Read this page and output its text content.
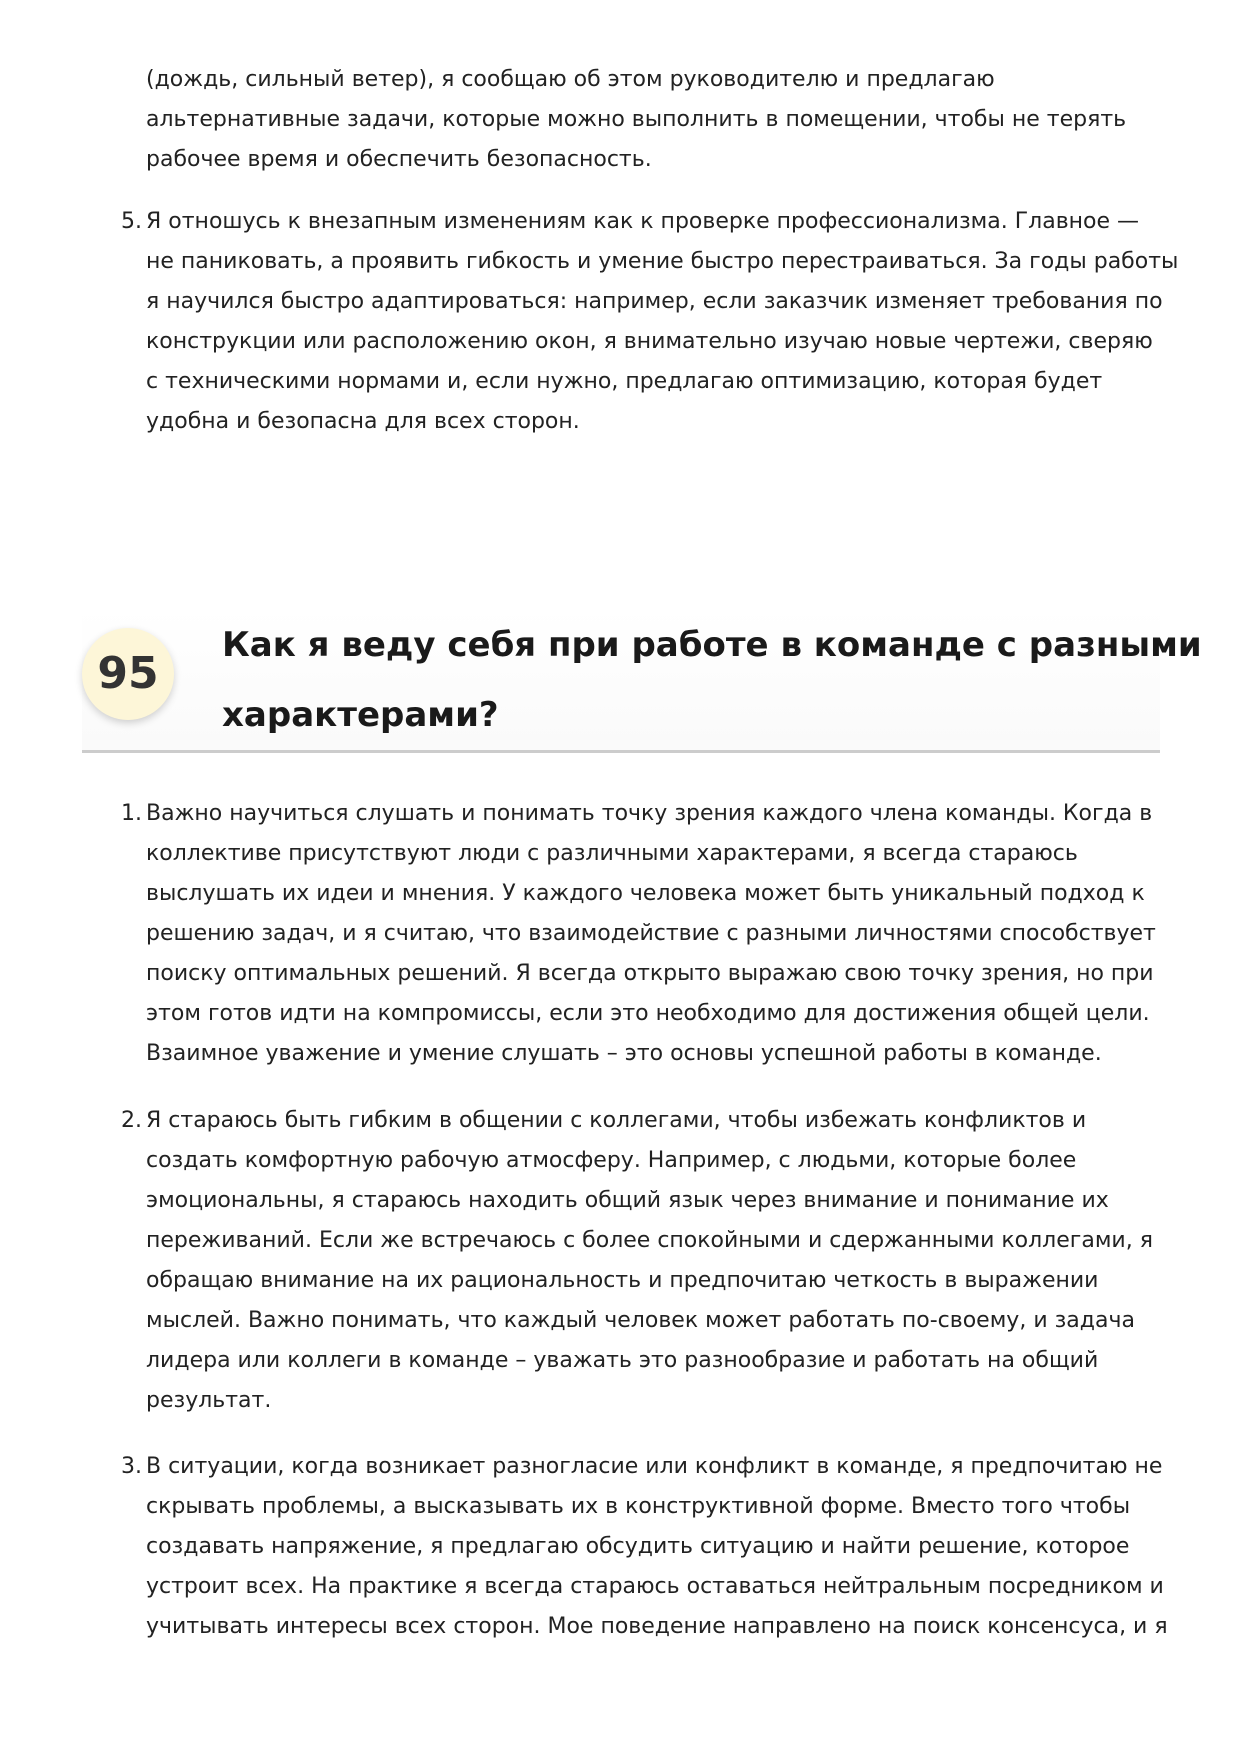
(дождь, сильный ветер), я сообщаю об этом руководителю и предлагаю
альтернативные задачи, которые можно выполнить в помещении, чтобы не терять
рабочее время и обеспечить безопасность.

5. Я отношусь к внезапным изменениям как к проверке профессионализма. Главное —
не паниковать, а проявить гибкость и умение быстро перестраиваться. За годы работы
я научился быстро адаптироваться: например, если заказчик изменяет требования по
конструкции или расположению окон, я внимательно изучаю новые чертежи, сверяю
с техническими нормами и, если нужно, предлагаю оптимизацию, которая будет
удобна и безопасна для всех сторон.

95
Как я веду себя при работе в команде с разными
характерами?

1. Важно научиться слушать и понимать точку зрения каждого члена команды. Когда в
коллективе присутствуют люди с различными характерами, я всегда стараюсь
выслушать их идеи и мнения. У каждого человека может быть уникальный подход к
решению задач, и я считаю, что взаимодействие с разными личностями способствует
поиску оптимальных решений. Я всегда открыто выражаю свою точку зрения, но при
этом готов идти на компромиссы, если это необходимо для достижения общей цели.
Взаимное уважение и умение слушать – это основы успешной работы в команде.

2. Я стараюсь быть гибким в общении с коллегами, чтобы избежать конфликтов и
создать комфортную рабочую атмосферу. Например, с людьми, которые более
эмоциональны, я стараюсь находить общий язык через внимание и понимание их
переживаний. Если же встречаюсь с более спокойными и сдержанными коллегами, я
обращаю внимание на их рациональность и предпочитаю четкость в выражении
мыслей. Важно понимать, что каждый человек может работать по-своему, и задача
лидера или коллеги в команде – уважать это разнообразие и работать на общий
результат.

3. В ситуации, когда возникает разногласие или конфликт в команде, я предпочитаю не
скрывать проблемы, а высказывать их в конструктивной форме. Вместо того чтобы
создавать напряжение, я предлагаю обсудить ситуацию и найти решение, которое
устроит всех. На практике я всегда стараюсь оставаться нейтральным посредником и
учитывать интересы всех сторон. Мое поведение направлено на поиск консенсуса, и я
